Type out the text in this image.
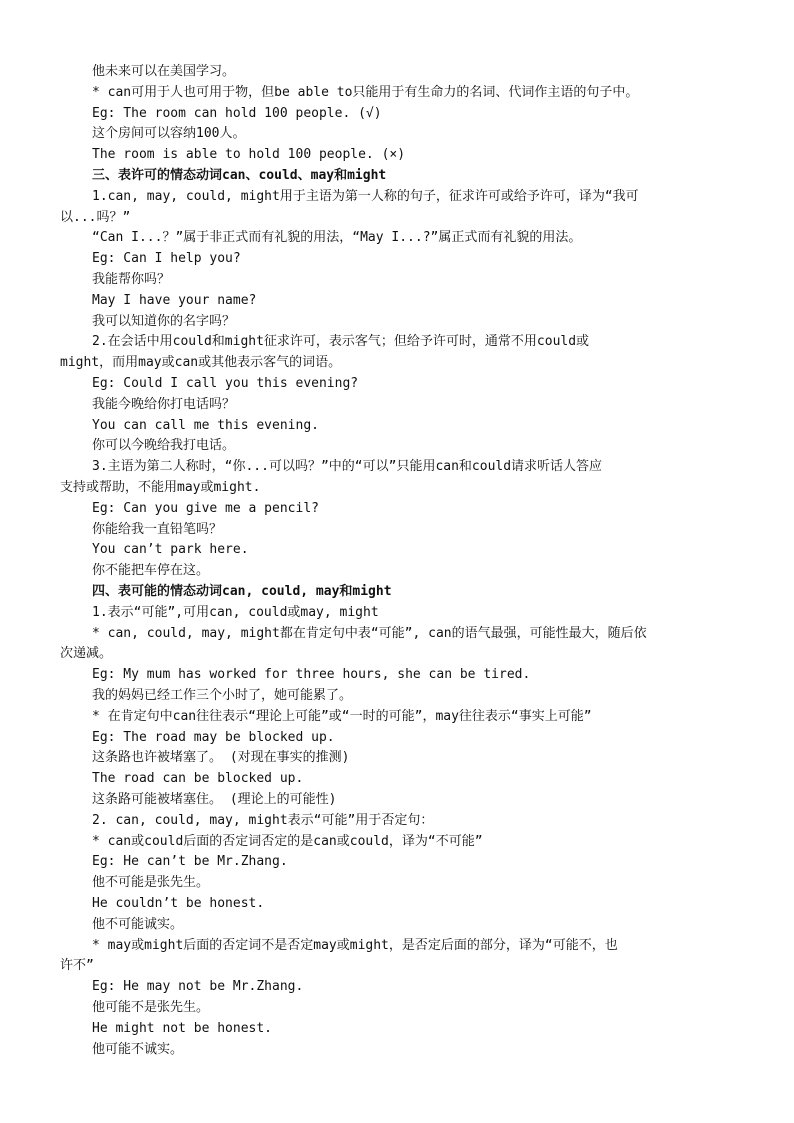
他未来可以在美国学习。
* can可用于人也可用于物，但be able to只能用于有生命力的名词、代词作主语的句子中。
Eg: The room can hold 100 people. (√)
这个房间可以容纳100人。
The room is able to hold 100 people. (×)
三、表许可的情态动词can、could、may和might
1.can, may, could, might用于主语为第一人称的句子，征求许可或给予许可，译为“我可
以...吗？”
“Can I...？”属于非正式而有礼貌的用法，“May I...?”属正式而有礼貌的用法。
Eg: Can I help you?
我能帮你吗？
May I have your name?
我可以知道你的名字吗？
2.在会话中用could和might征求许可，表示客气；但给予许可时，通常不用could或
might，而用may或can或其他表示客气的词语。
Eg: Could I call you this evening?
我能今晚给你打电话吗？
You can call me this evening.
你可以今晚给我打电话。
3.主语为第二人称时，“你...可以吗？”中的“可以”只能用can和could请求听话人答应
支持或帮助，不能用may或might.
Eg: Can you give me a pencil?
你能给我一直铅笔吗？
You can’t park here.
你不能把车停在这。
四、表可能的情态动词can, could, may和might
1.表示“可能”,可用can, could或may, might
* can, could, may, might都在肯定句中表“可能”, can的语气最强，可能性最大，随后依
次递减。
Eg: My mum has worked for three hours, she can be tired.
我的妈妈已经工作三个小时了，她可能累了。
* 在肯定句中can往往表示“理论上可能”或“一时的可能”，may往往表示“事实上可能”
Eg: The road may be blocked up.
这条路也许被堵塞了。 (对现在事实的推测)
The road can be blocked up.
这条路可能被堵塞住。 (理论上的可能性)
2. can, could, may, might表示“可能”用于否定句：
* can或could后面的否定词否定的是can或could，译为“不可能”
Eg: He can’t be Mr.Zhang.
他不可能是张先生。
He couldn’t be honest.
他不可能诚实。
* may或might后面的否定词不是否定may或might，是否定后面的部分，译为“可能不，也
许不”
Eg: He may not be Mr.Zhang.
他可能不是张先生。
He might not be honest.
他可能不诚实。
